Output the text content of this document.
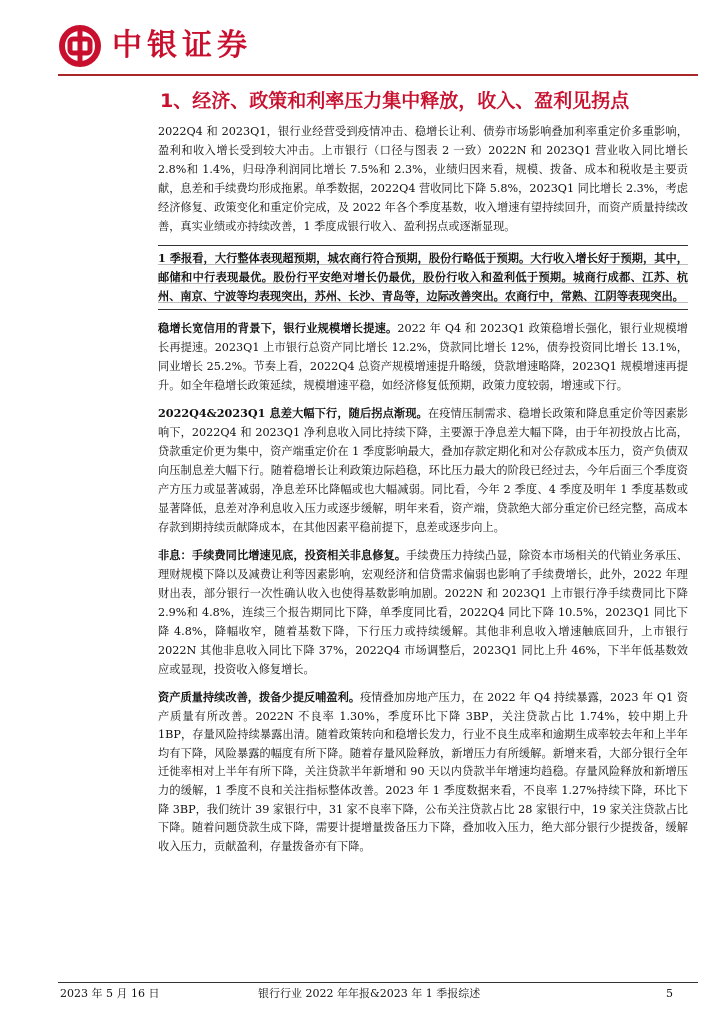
中银证券
1、经济、政策和利率压力集中释放，收入、盈利见拐点

2022Q4 和 2023Q1，银行业经营受到疫情冲击、稳增长让利、债券市场影响叠加利率重定价多重影响，盈利和收入增长受到较大冲击。上市银行（口径与图表 2 一致）2022N 和 2023Q1 营业收入同比增长 2.8%和 1.4%，归母净利润同比增长 7.5%和 2.3%，业绩归因来看，规模、拨备、成本和税收是主要贡献，息差和手续费均形成拖累。单季数据，2022Q4 营收同比下降 5.8%，2023Q1 同比增长 2.3%，考虑经济修复、政策变化和重定价完成，及 2022 年各个季度基数，收入增速有望持续回升，而资产质量持续改善，真实业绩或亦持续改善，1 季度成银行收入、盈利拐点或逐渐显现。

1 季报看，大行整体表现超预期，城农商行符合预期，股份行略低于预期。大行收入增长好于预期，其中，邮储和中行表现最优。股份行平安绝对增长仍最优，股份行收入和盈利低于预期。城商行成都、江苏、杭州、南京、宁波等均表现突出，苏州、长沙、青岛等，边际改善突出。农商行中，常熟、江阴等表现突出。

稳增长宽信用的背景下，银行业规模增长提速。2022 年 Q4 和 2023Q1 政策稳增长强化，银行业规模增长再提速。2023Q1 上市银行总资产同比增长 12.2%，贷款同比增长 12%，债券投资同比增长 13.1%，同业增长 25.2%。节奏上看，2022Q4 总资产规模增速提升略缓，贷款增速略降，2023Q1 规模增速再提升。如全年稳增长政策延续，规模增速平稳，如经济修复低预期，政策力度较弱，增速或下行。

2022Q4&2023Q1 息差大幅下行，随后拐点渐现。在疫情压制需求、稳增长政策和降息重定价等因素影响下，2022Q4 和 2023Q1 净利息收入同比持续下降，主要源于净息差大幅下降，由于年初投放占比高，贷款重定价更为集中，资产端重定价在 1 季度影响最大，叠加存款定期化和对公存款成本压力，资产负债双向压制息差大幅下行。随着稳增长让利政策边际趋稳，环比压力最大的阶段已经过去，今年后面三个季度资产方压力或显著减弱，净息差环比降幅或也大幅减弱。同比看，今年 2 季度、4 季度及明年 1 季度基数或显著降低，息差对净利息收入压力或逐步缓解，明年来看，资产端，贷款绝大部分重定价已经完整，高成本存款到期持续贡献降成本，在其他因素平稳前提下，息差或逐步向上。

非息：手续费同比增速见底，投资相关非息修复。手续费压力持续凸显，除资本市场相关的代销业务承压、理财规模下降以及减费让利等因素影响，宏观经济和信贷需求偏弱也影响了手续费增长，此外，2022 年理财出表，部分银行一次性确认收入也使得基数影响加剧。2022N 和 2023Q1 上市银行净手续费同比下降 2.9%和 4.8%，连续三个报告期同比下降，单季度同比看，2022Q4 同比下降 10.5%，2023Q1 同比下降 4.8%，降幅收窄，随着基数下降，下行压力或持续缓解。其他非利息收入增速触底回升，上市银行 2022N 其他非息收入同比下降 37%，2022Q4 市场调整后，2023Q1 同比上升 46%，下半年低基数效应或显现，投资收入修复增长。

资产质量持续改善，拨备少提反哺盈利。疫情叠加房地产压力，在 2022 年 Q4 持续暴露，2023 年 Q1 资产质量有所改善。2022N 不良率 1.30%，季度环比下降 3BP，关注贷款占比 1.74%，较中期上升 1BP，存量风险持续暴露出清。随着政策转向和稳增长发力，行业不良生成率和逾期生成率较去年和上半年均有下降，风险暴露的幅度有所下降。随着存量风险释放，新增压力有所缓解。新增来看，大部分银行全年迁徙率相对上半年有所下降，关注贷款半年新增和 90 天以内贷款半年增速均趋稳。存量风险释放和新增压力的缓解，1 季度不良和关注指标整体改善。2023 年 1 季度数据来看，不良率 1.27%持续下降，环比下降 3BP，我们统计 39 家银行中，31 家不良率下降，公布关注贷款占比 28 家银行中，19 家关注贷款占比下降。随着问题贷款生成下降，需要计提增量拨备压力下降，叠加收入压力，绝大部分银行少提拨备，缓解收入压力，贡献盈利，存量拨备亦有下降。

2023 年 5 月 16 日	银行行业 2022 年年报&2023 年 1 季报综述	5
